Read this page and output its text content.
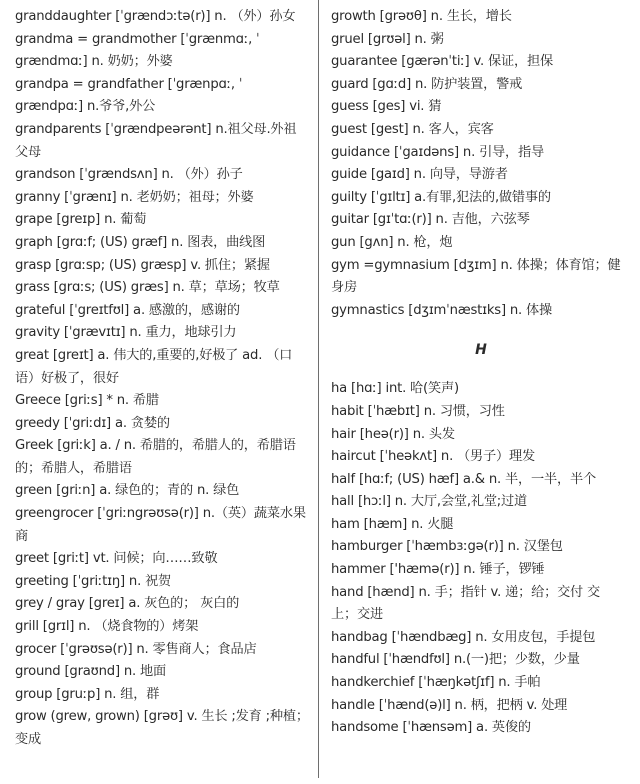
granddaughter [ˈgrændɔːtə(r)] n. （外）孙女
grandma = grandmother [ˈgrænmɑː, ˈ
grændmɑː] n. 奶奶；外婆
grandpa = grandfather [ˈgrænpɑː, ˈ
grændpɑː] n.爷爷,外公
grandparents [ˈgrændpeərənt] n.祖父母.外祖
父母
grandson [ˈgrændsʌn] n. （外）孙子
granny [ˈgrænɪ] n. 老奶奶；祖母；外婆
grape [greɪp] n. 葡萄
graph [grɑːf; (US) græf] n. 图表，曲线图
grasp [grɑːsp; (US) græsp] v. 抓住；紧握
grass [grɑːs; (US) græs] n. 草；草场；牧草
grateful [ˈgreɪtfʊl] a. 感激的，感谢的
gravity [ˈgrævɪtɪ] n. 重力，地球引力
great [greɪt] a. 伟大的,重要的,好极了 ad. （口
语）好极了，很好
Greece [griːs] * n. 希腊
greedy [ˈgriːdɪ] a. 贪婪的
Greek [griːk] a. / n. 希腊的，希腊人的，希腊语
的；希腊人，希腊语
green [griːn] a. 绿色的；青的 n. 绿色
greengrocer [ˈgriːngrəʊsə(r)] n.（英）蔬菜水果
商
greet [griːt] vt. 问候；向……致敬
greeting [ˈgriːtɪŋ] n. 祝贺
grey / gray [greɪ] a. 灰色的； 灰白的
grill [grɪl] n. （烧食物的）烤架
grocer [ˈgrəʊsə(r)] n. 零售商人；食品店
ground [graʊnd] n. 地面
group [gruːp] n. 组，群
grow (grew, grown) [grəʊ] v. 生长 ;发育 ;种植；
变成
growth [grəʊθ] n. 生长，增长
gruel [grʊəl] n. 粥
guarantee [gærənˈtiː] v. 保证，担保
guard [gɑːd] n. 防护装置，警戒
guess [ges] vi. 猜
guest [gest] n. 客人，宾客
guidance [ˈgaɪdəns] n. 引导，指导
guide [gaɪd] n. 向导，导游者
guilty [ˈgɪltɪ] a.有罪,犯法的,做错事的
guitar [gɪˈtɑː(r)] n. 吉他，六弦琴
gun [gʌn] n. 枪，炮
gym =gymnasium [dʒɪm] n. 体操；体育馆；健
身房
gymnastics [dʒɪmˈnæstɪks] n. 体操
H
ha [hɑː] int. 哈(笑声)
habit [ˈhæbɪt] n. 习惯，习性
hair [heə(r)] n. 头发
haircut [ˈheəkʌt] n. （男子）理发
half [hɑːf; (US) hæf] a.& n. 半，一半，半个
hall [hɔːl] n. 大厅,会堂,礼堂;过道
ham [hæm] n. 火腿
hamburger [ˈhæmbɜːgə(r)] n. 汉堡包
hammer ['hæmə(r)] n. 锤子，锣锤
hand [hænd] n. 手；指针 v. 递；给；交付 交
上；交进
handbag [ˈhændbæg] n. 女用皮包，手提包
handful [ˈhændfʊl] n.(一)把；少数，少量
handkerchief [ˈhæŋkətʃɪf] n. 手帕
handle [ˈhænd(ə)l] n. 柄，把柄 v. 处理
handsome [ˈhænsəm] a. 英俊的
